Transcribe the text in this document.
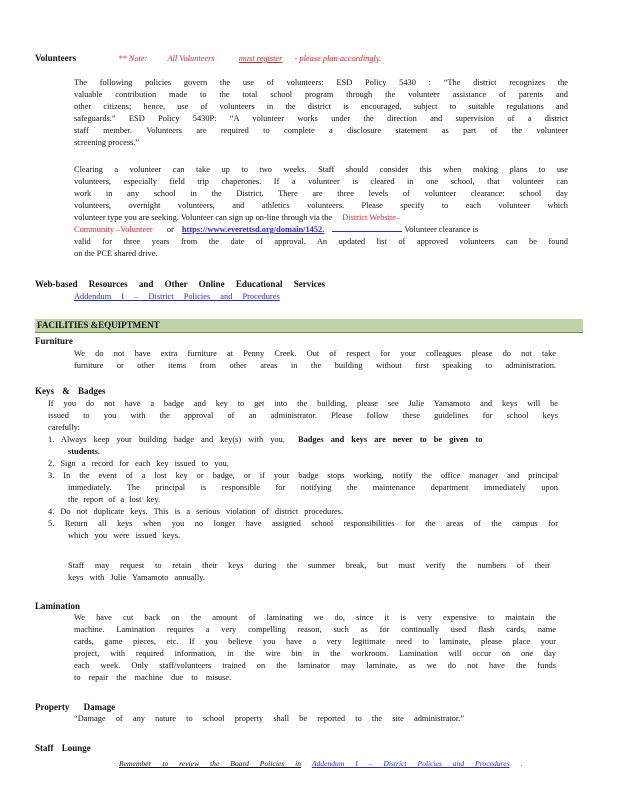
Volunteers	** Note: All Volunteers	must register - please plan accordingly.
The following policies govern the use of volunteers: ESD Policy 5430 : “The district recognizes the
valuable contribution made to the total school program through the volunteer assistance of parents and
other citizens; hence, use of volunteers in the district is encouraged, subject to suitable regulations and
safeguards.” ESD Policy 5430P: “A volunteer works under the direction and supervision of a district
staff member. Volunteers are required to complete a disclosure statement as part of the volunteer
screening process.”
Clearing a volunteer can take up to two weeks. Staff should consider this when making plans to use
volunteers, especially field trip chaperones. If a volunteer is cleared in one school, that volunteer can
work in any school in the District. There are three levels of volunteer clearance: school day
volunteers, overnight volunteers, and athletics volunteers. Please specify to each volunteer which
volunteer type you are seeking. Volunteer can sign up on-line through via the District Website–
Community –Volunteer or https://www.everettsd.org/domain/1452.	Volunteer clearance is
valid for three years from the date of approval. An updated list of approved volunteers can be found
on the PCE shared drive.
Web-based Resources and Other Online Educational Services
Addendum I – District Policies and Procedures
FACILITIES &EQUIPTMENT
Furniture
We do not have extra furniture at Penny Creek. Out of respect for your colleagues please do not take
furniture or other items from other areas in the building without first speaking to administration.
Keys & Badges
If you do not have a badge and key to get into the building, please see Julie Yamamoto and keys will be
issued to you with the approval of an administrator. Please follow these guidelines for school keys
carefully:
1. Always keep your building badge and key(s) with you. Badges and keys are never to be given to
students.
2. Sign a record for each key issued to you.
3. In the event of a lost key or badge, or if your badge stops working, notify the office manager and principal
immediately. The principal is responsible for notifying the maintenance department immediately upon
the report of a lost key.
4. Do not duplicate keys. This is a serious violation of district procedures.
5. Return all keys when you no longer have assigned school responsibilities for the areas of the campus for
which you were issued keys.
Staff may request to retain their keys during the summer break, but must verify the numbers of their
keys with Julie Yamamoto annually.
Lamination
We have cut back on the amount of laminating we do, since it is very expensive to maintain the
machine. Lamination requires a very compelling reason, such as for continually used flash cards, name
cards, game pieces, etc. If you believe you have a very legitimate need to laminate, please place your
project, with required information, in the wire bin in the workroom. Lamination will occur on one day
each week. Only staff/volunteers trained on the laminator may laminate, as we do not have the funds
to repair the machine due to misuse.
Property Damage
“Damage of any nature to school property shall be reported to the site administrator.”
Staff Lounge
Remember to review the Board Policies in Addendum I – District Policies and Procedures .
